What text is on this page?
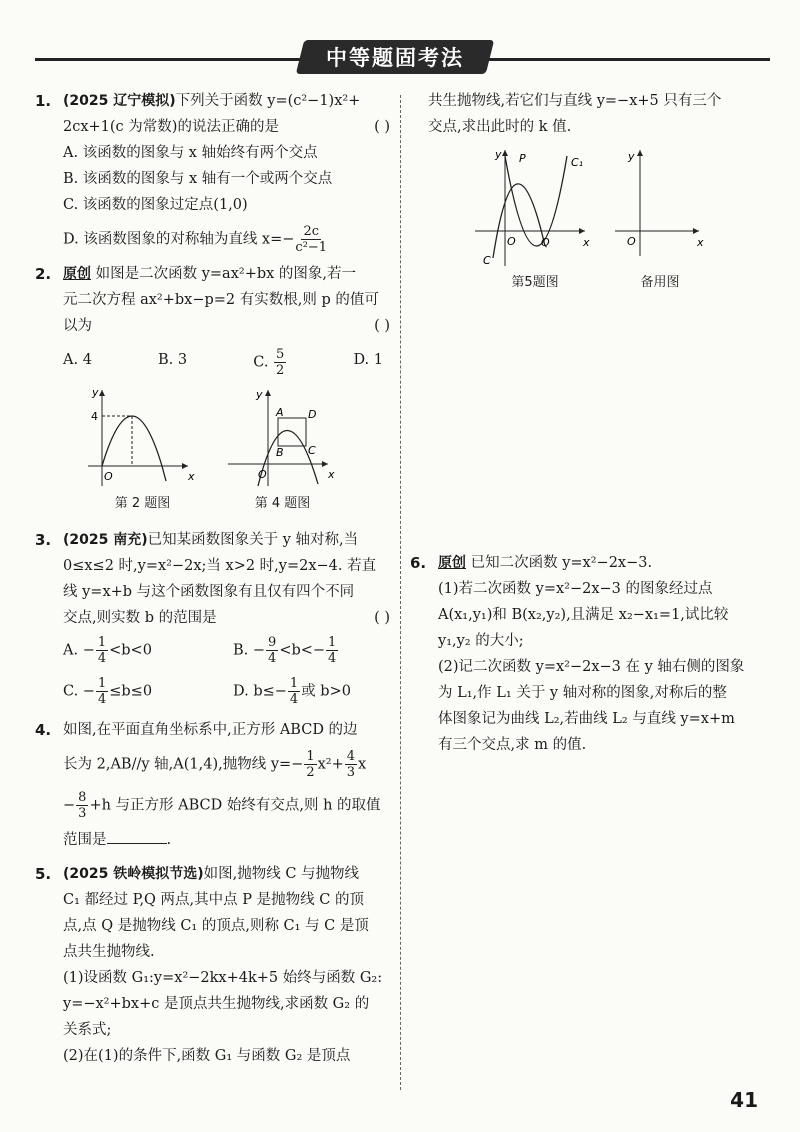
中等题固考法
1. (2025 辽宁模拟)下列关于函数 y=(c²−1)x²+
2cx+1(c 为常数)的说法正确的是	( )
A. 该函数的图象与 x 轴始终有两个交点
B. 该函数的图象与 x 轴有一个或两个交点
C. 该函数的图象过定点(1,0)
D. 该函数图象的对称轴为直线 $x=- \frac{2c}{\text{c²−1}}$
2. 原创 如图是二次函数 y=ax²+bx 的图象,若一
元二次方程 ax²+bx−p=2 有实数根,则 p 的值可
以为	( )
A. 4	B. 3	C. $\frac{5}{2}$	D. 1
y
x
O
4
第 2 题图
y
x
O
A
B C
D
第 4 题图
3. (2025 南充)已知某函数图象关于 y 轴对称,当
0≤x≤2 时,y=x²−2x;当 x>2 时,y=2x−4. 若直
线 y=x+b 与这个函数图象有且仅有四个不同
交点,则实数 b 的范围是	( )
A. − $\frac{1}{4} <b<0$	B. − $\frac{9}{4} <b<- \frac{1}{4}$
C. − $\frac{1}{4} \le b\le 0$	D. $b\le- \frac{1}{4}$ 或 b>0
4. 如图,在平面直角坐标系中,正方形 ABCD 的边
长为 2,AB//y 轴,A(1,4),抛物线 $y=- \frac{1}{2} x^2+ \frac{4}{3}$ x
− $\frac{8}{3} +h$ 与正方形 ABCD 始终有交点,则 h 的取值
范围是	.
5. (2025 铁岭模拟节选)如图,抛物线 C 与抛物线
C₁ 都经过 P,Q 两点,其中点 P 是抛物线 C 的顶
点,点 Q 是抛物线 C₁ 的顶点,则称 C₁ 与 C 是顶
点共生抛物线.
(1)设函数 G₁:y=x²−2kx+4k+5 始终与函数 G₂:
y=−x²+bx+c 是顶点共生抛物线,求函数 G₂ 的
关系式;
(2)在(1)的条件下,函数 G₁ 与函数 G₂ 是顶点
共生抛物线,若它们与直线 y=−x+5 只有三个
交点,求出此时的 k 值.
y
x
O
P
Q
C
C₁
第5题图
y
x
O
备用图
6. 原创 已知二次函数 y=x²−2x−3.
(1)若二次函数 y=x²−2x−3 的图象经过点
A(x₁,y₁)和 B(x₂,y₂),且满足 x₂−x₁=1,试比较
y₁,y₂ 的大小;
(2)记二次函数 y=x²−2x−3 在 y 轴右侧的图象
为 L₁,作 L₁ 关于 y 轴对称的图象,对称后的整
体图象记为曲线 L₂,若曲线 L₂ 与直线 y=x+m
有三个交点,求 m 的值.
41
